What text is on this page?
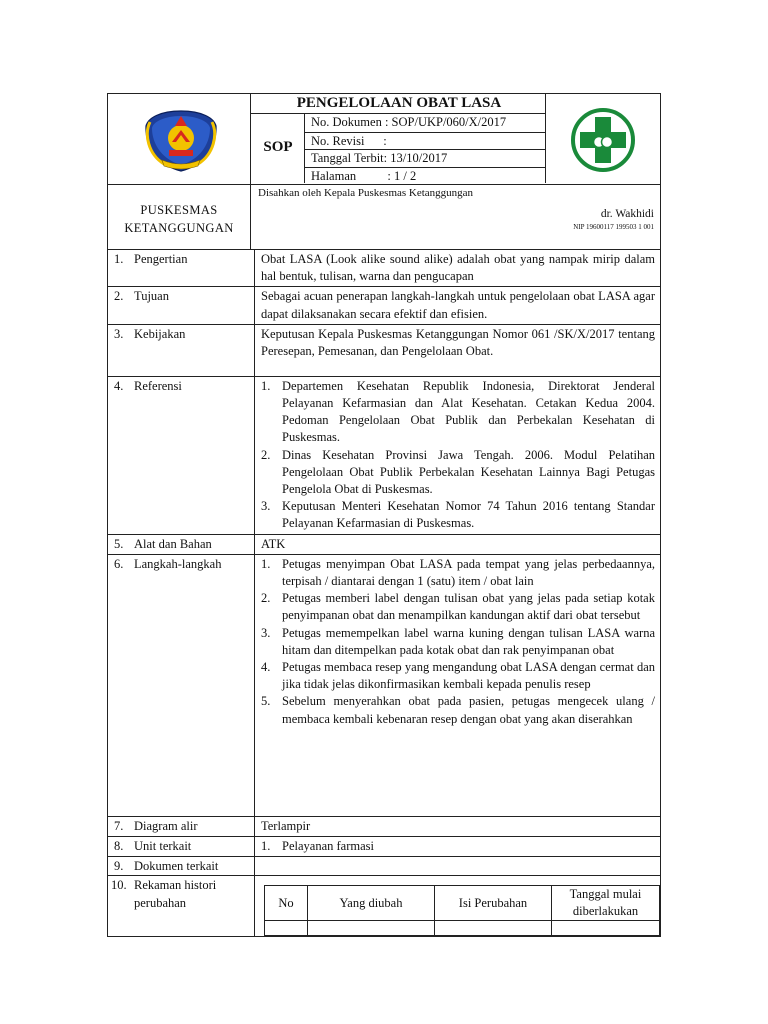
PENGELOLAAN OBAT LASA
SOP
No. Dokumen : SOP/UKP/060/X/2017
No. Revisi      :
Tanggal Terbit: 13/10/2017
Halaman          : 1 / 2
PUSKESMAS
KETANGGUNGAN
Disahkan oleh Kepala Puskesmas Ketanggungan
dr. Wakhidi
NIP 19600117 199503 1 001
1. Pengertian	Obat LASA (Look alike sound alike) adalah obat yang nampak mirip dalam hal bentuk, tulisan, warna dan pengucapan
2. Tujuan	Sebagai acuan penerapan langkah-langkah untuk pengelolaan obat LASA agar dapat dilaksanakan secara efektif dan efisien.
3. Kebijakan	Keputusan Kepala Puskesmas Ketanggungan Nomor 061 /SK/X/2017 tentang Peresepan, Pemesanan, dan Pengelolaan Obat.
4. Referensi	1. Departemen Kesehatan Republik Indonesia, Direktorat Jenderal Pelayanan Kefarmasian dan Alat Kesehatan. Cetakan Kedua 2004. Pedoman Pengelolaan Obat Publik dan Perbekalan Kesehatan di Puskesmas.
2. Dinas Kesehatan Provinsi Jawa Tengah. 2006. Modul Pelatihan Pengelolaan Obat Publik Perbekalan Kesehatan Lainnya Bagi Petugas Pengelola Obat di Puskesmas.
3. Keputusan Menteri Kesehatan Nomor 74 Tahun 2016 tentang Standar Pelayanan Kefarmasian di Puskesmas.

5. Alat dan Bahan	ATK
6. Langkah-langkah	1. Petugas menyimpan Obat LASA pada tempat yang jelas perbedaannya, terpisah / diantarai dengan 1 (satu) item / obat lain
2. Petugas memberi label dengan tulisan obat yang jelas pada setiap kotak penyimpanan obat dan menampilkan kandungan aktif dari obat tersebut
3. Petugas memempelkan label warna kuning dengan tulisan LASA warna hitam dan ditempelkan pada kotak obat dan rak penyimpanan obat
4. Petugas membaca resep yang mengandung obat LASA dengan cermat dan jika tidak jelas dikonfirmasikan kembali kepada penulis resep
5. Sebelum menyerahkan obat pada pasien, petugas mengecek ulang / membaca kembali kebenaran resep dengan obat yang akan diserahkan

7. Diagram alir	Terlampir
8. Unit terkait	1. Pelayanan farmasi

9. Dokumen terkait	
10. Rekaman histori perubahan		No	Yang diubah	Isi Perubahan	Tanggal mulai diberlakukan
